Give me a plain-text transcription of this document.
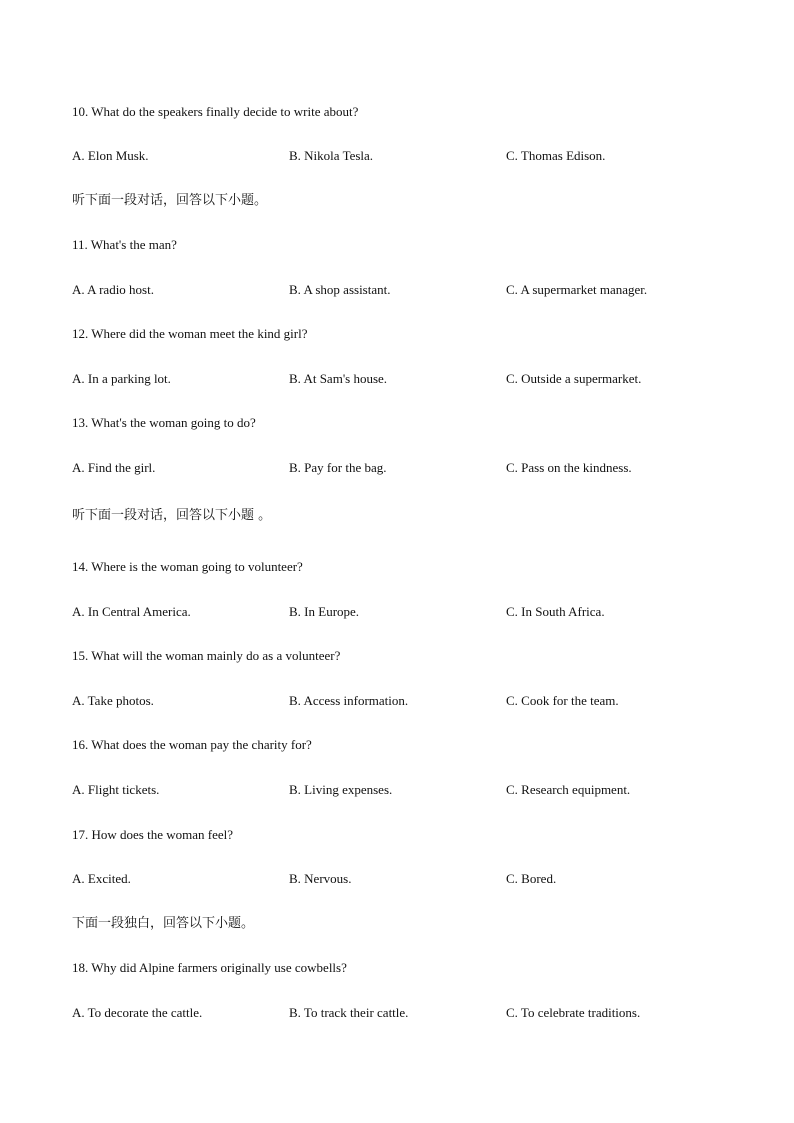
10. What do the speakers finally decide to write about?
A. Elon Musk.	B. Nikola Tesla.	C. Thomas Edison.
听下面一段对话，回答以下小题。
11. What's the man?
A. A radio host.	B. A shop assistant.	C. A supermarket manager.
12. Where did the woman meet the kind girl?
A. In a parking lot.	B. At Sam's house.	C. Outside a supermarket.
13. What's the woman going to do?
A. Find the girl.	B. Pay for the bag.	C. Pass on the kindness.
听下面一段对话，回答以下小题 。
14. Where is the woman going to volunteer?
A. In Central America.	B. In Europe.	C. In South Africa.
15. What will the woman mainly do as a volunteer?
A. Take photos.	B. Access information.	C. Cook for the team.
16. What does the woman pay the charity for?
A. Flight tickets.	B. Living expenses.	C. Research equipment.
17. How does the woman feel?
A. Excited.	B. Nervous.	C. Bored.
下面一段独白，回答以下小题。
18. Why did Alpine farmers originally use cowbells?
A. To decorate the cattle.	B. To track their cattle.	C. To celebrate traditions.
